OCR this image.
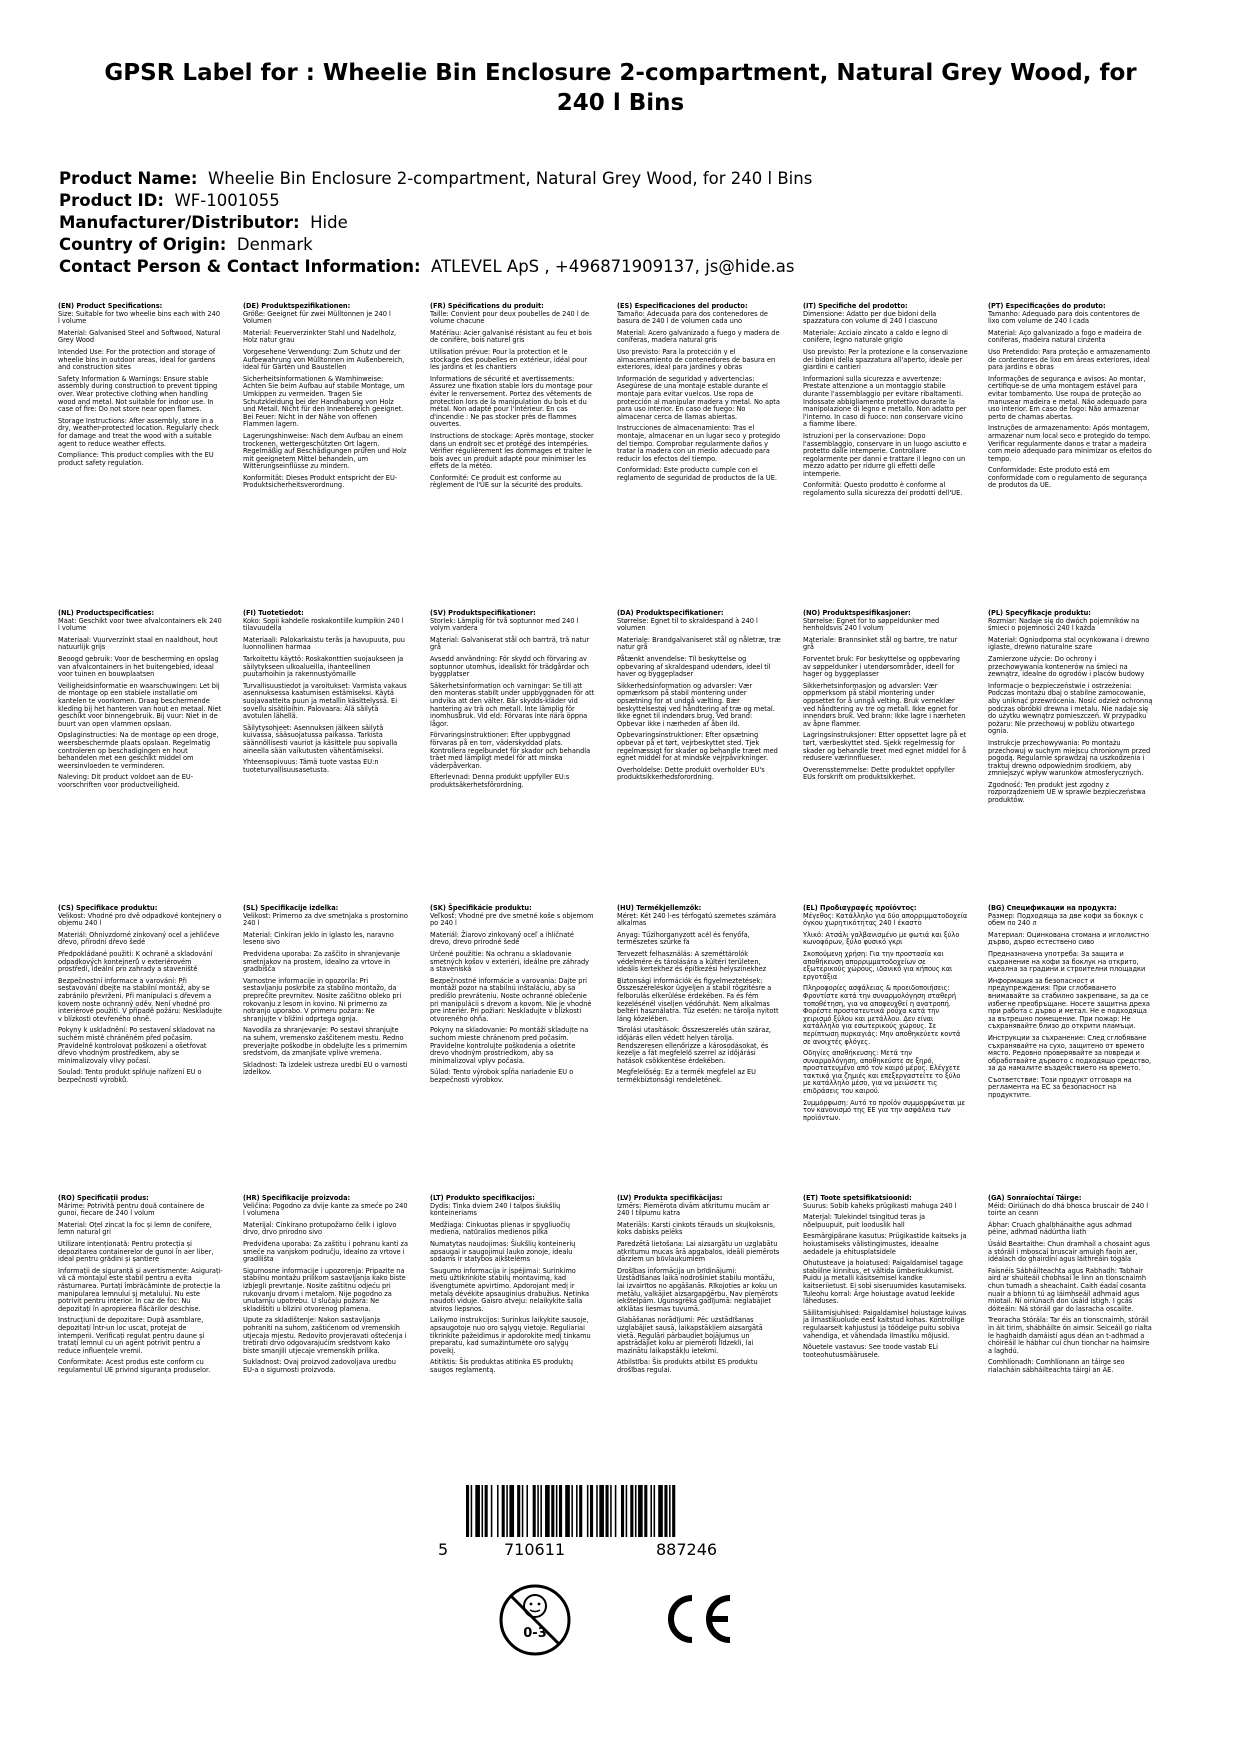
GPSR Label for : Wheelie Bin Enclosure 2-compartment, Natural Grey Wood, for 240 l Bins
Product Name: Wheelie Bin Enclosure 2-compartment, Natural Grey Wood, for 240 l Bins
Product ID: WF-1001055
Manufacturer/Distributor: Hide
Country of Origin: Denmark
Contact Person & Contact Information: ATLEVEL ApS , +496871909137, js@hide.as
(EN) Product Specifications:

Size: Suitable for two wheelie bins each with 240 l volume

Material: Galvanised Steel and Softwood, Natural Grey Wood

Intended Use: For the protection and storage of wheelie bins in outdoor areas, ideal for gardens and construction sites

Safety Information & Warnings: Ensure stable assembly during construction to prevent tipping over. Wear protective clothing when handling wood and metal. Not suitable for indoor use. In case of fire: Do not store near open flames.

Storage Instructions: After assembly, store in a dry, weather-protected location. Regularly check for damage and treat the wood with a suitable agent to reduce weather effects.

Compliance: This product complies with the EU product safety regulation.

(DE) Produktspezifikationen:

Größe: Geeignet für zwei Mülltonnen je 240 l Volumen

Material: Feuerverzinkter Stahl und Nadelholz, Holz natur grau

Vorgesehene Verwendung: Zum Schutz und der Aufbewahrung von Mülltonnen im Außenbereich, ideal für Gärten und Baustellen

Sicherheitsinformationen & Warnhinweise: Achten Sie beim Aufbau auf stabile Montage, um Umkippen zu vermeiden. Tragen Sie Schutzkleidung bei der Handhabung von Holz und Metall. Nicht für den Innenbereich geeignet. Bei Feuer: Nicht in der Nähe von offenen Flammen lagern.

Lagerungshinweise: Nach dem Aufbau an einem trockenen, wettergeschützten Ort lagern. Regelmäßig auf Beschädigungen prüfen und Holz mit geeignetem Mittel behandeln, um Witterungseinflüsse zu mindern.

Konformität: Dieses Produkt entspricht der EU-Produktsicherheitsverordnung.

(FR) Spécifications du produit:

Taille: Convient pour deux poubelles de 240 l de volume chacune

Matériau: Acier galvanisé résistant au feu et bois de conifère, bois naturel gris

Utilisation prévue: Pour la protection et le stockage des poubelles en extérieur, idéal pour les jardins et les chantiers

Informations de sécurité et avertissements: Assurez une fixation stable lors du montage pour éviter le renversement. Portez des vêtements de protection lors de la manipulation du bois et du métal. Non adapté pour l'intérieur. En cas d'incendie : Ne pas stocker près de flammes ouvertes.

Instructions de stockage: Après montage, stocker dans un endroit sec et protégé des intempéries. Vérifier régulièrement les dommages et traiter le bois avec un produit adapté pour minimiser les effets de la météo.

Conformité: Ce produit est conforme au règlement de l'UE sur la sécurité des produits.

(ES) Especificaciones del producto:

Tamaño: Adecuada para dos contenedores de basura de 240 l de volumen cada uno

Material: Acero galvanizado a fuego y madera de coníferas, madera natural gris

Uso previsto: Para la protección y el almacenamiento de contenedores de basura en exteriores, ideal para jardines y obras

Información de seguridad y advertencias: Asegúrese de una montaje estable durante el montaje para evitar vuelcos. Use ropa de protección al manipular madera y metal. No apta para uso interior. En caso de fuego: No almacenar cerca de llamas abiertas.

Instrucciones de almacenamiento: Tras el montaje, almacenar en un lugar seco y protegido del tiempo. Comprobar regularmente daños y tratar la madera con un medio adecuado para reducir los efectos del tiempo.

Conformidad: Este producto cumple con el reglamento de seguridad de productos de la UE.

(IT) Specifiche del prodotto:

Dimensione: Adatto per due bidoni della spazzatura con volume di 240 l ciascuno

Materiale: Acciaio zincato a caldo e legno di conifere, legno naturale grigio

Uso previsto: Per la protezione e la conservazione dei bidoni della spazzatura all'aperto, ideale per giardini e cantieri

Informazioni sulla sicurezza e avvertenze: Prestate attenzione a un montaggio stabile durante l'assemblaggio per evitare ribaltamenti. Indossate abbigliamento protettivo durante la manipolazione di legno e metallo. Non adatto per l'interno. In caso di fuoco: non conservare vicino a fiamme libere.

Istruzioni per la conservazione: Dopo l'assemblaggio, conservare in un luogo asciutto e protetto dalle intemperie. Controllare regolarmente per danni e trattare il legno con un mezzo adatto per ridurre gli effetti delle intemperie.

Conformità: Questo prodotto è conforme al regolamento sulla sicurezza dei prodotti dell'UE.

(PT) Especificações do produto:

Tamanho: Adequado para dois contentores de lixo com volume de 240 l cada

Material: Aço galvanizado a fogo e madeira de coníferas, madeira natural cinzenta

Uso Pretendido: Para proteção e armazenamento de contentores de lixo em áreas exteriores, ideal para jardins e obras

Informações de segurança e avisos: Ao montar, certifique-se de uma montagem estável para evitar tombamento. Use roupa de proteção ao manusear madeira e metal. Não adequado para uso interior. Em caso de fogo: Não armazenar perto de chamas abertas.

Instruções de armazenamento: Após montagem, armazenar num local seco e protegido do tempo. Verificar regularmente danos e tratar a madeira com meio adequado para minimizar os efeitos do tempo.

Conformidade: Este produto está em conformidade com o regulamento de segurança de produtos da UE.

(NL) Productspecificaties:

Maat: Geschikt voor twee afvalcontainers elk 240 l volume

Materiaal: Vuurverzinkt staal en naaldhout, hout natuurlijk grijs

Beoogd gebruik: Voor de bescherming en opslag van afvalcontainers in het buitengebied, ideaal voor tuinen en bouwplaatsen

Veiligheidsinformatie en waarschuwingen: Let bij de montage op een stabiele installatie om kantelen te voorkomen. Draag beschermende kleding bij het hanteren van hout en metaal. Niet geschikt voor binnengebruik. Bij vuur: Niet in de buurt van open vlammen opslaan.

Opslaginstructies: Na de montage op een droge, weersbeschermde plaats opslaan. Regelmatig controleren op beschadigingen en hout behandelen met een geschikt middel om weersinvloeden te verminderen.

Naleving: Dit product voldoet aan de EU-voorschriften voor productveiligheid.

(FI) Tuotetiedot:

Koko: Sopii kahdelle roskakontille kumpikin 240 l tilavuudella

Materiaali: Palokarkaistu teräs ja havupuuta, puu luonnollinen harmaa

Tarkoitettu käyttö: Roskakonttien suojaukseen ja säilytykseen ulkoalueilla, ihanteellinen puutarhoihin ja rakennustyömaille

Turvallisuustiedot ja varoitukset: Varmista vakaus asennuksessa kaatumisen estämiseksi. Käytä suojavaatteita puun ja metallin käsittelyssä. Ei sovellu sisätiloihin. Palovaara: Älä säilytä avotulen lähellä.

Säilytysohjeet: Asennuksen jälkeen säilytä kuivassa, sääsuojatussa paikassa. Tarkista säännöllisesti vauriot ja käsittele puu sopivalla aineella sään vaikutusten vähentämiseksi.

Yhteensopivuus: Tämä tuote vastaa EU:n tuoteturvallisuusasetusta.

(SV) Produktspecifikationer:

Storlek: Lämplig för två soptunnor med 240 l volym vardera

Material: Galvaniserat stål och barrträ, trä natur grå

Avsedd användning: För skydd och förvaring av soptunnor utomhus, idealiskt för trädgårdar och byggplatser

Säkerhetsinformation och varningar: Se till att den monteras stabilt under uppbyggnaden för att undvika att den välter. Bär skydds-kläder vid hantering av trä och metall. Inte lämplig för inomhusbruk. Vid eld: Förvaras inte nära öppna lågor.

Förvaringsinstruktioner: Efter uppbyggnad förvaras på en torr, väderskyddad plats. Kontrollera regelbundet för skador och behandla träet med lämpligt medel för att minska väderpåverkan.

Efterlevnad: Denna produkt uppfyller EU:s produktsäkerhetsförordning.

(DA) Produktspecifikationer:

Størrelse: Egnet til to skraldespand à 240 l volumen

Materiale: Brandgalvaniseret stål og nåletræ, træ natur grå

Påtænkt anvendelse: Til beskyttelse og opbevaring af skraldespand udendørs, ideel til haver og byggepladser

Sikkerhedsinformation og advarsler: Vær opmærksom på stabil montering under opsætning for at undgå vælting. Bær beskyttelsestøj ved håndtering af træ og metal. Ikke egnet til indendørs brug. Ved brand: Opbevar ikke i nærheden af åben ild.

Opbevaringsinstruktioner: Efter opsætning opbevar på et tørt, vejrbeskyttet sted. Tjek regelmæssigt for skader og behandle træet med egnet middel for at mindske vejrpåvirkninger.

Overholdelse: Dette produkt overholder EU's produktsikkerhedsforordning.

(NO) Produktspesifikasjoner:

Størrelse: Egnet for to søppeldunker med henholdsvis 240 l volum

Materiale: Brannsinket stål og bartre, tre natur grå

Forventet bruk: For beskyttelse og oppbevaring av søppeldunker i utendørsområder, ideell for hager og byggeplasser

Sikkerhetsinformasjon og advarsler: Vær oppmerksom på stabil montering under oppsettet for å unngå velting. Bruk verneklær ved håndtering av tre og metall. Ikke egnet for innendørs bruk. Ved brann: Ikke lagre i nærheten av åpne flammer.

Lagringsinstruksjoner: Etter oppsettet lagre på et tørt, værbeskyttet sted. Sjekk regelmessig for skader og behandle treet med egnet middel for å redusere værinnflueser.

Overensstemmelse: Dette produktet oppfyller EUs forskrift om produktsikkerhet.

(PL) Specyfikacje produktu:

Rozmiar: Nadaje się do dwóch pojemników na śmieci o pojemności 240 l każda

Materiał: Ogniodporna stal ocynkowana i drewno iglaste, drewno naturalne szare

Zamierzone użycie: Do ochrony i przechowywania kontenerów na śmieci na zewnątrz, idealne do ogrodów i placów budowy

Informacje o bezpieczeństwie i ostrzeżenia: Podczas montażu dbaj o stabilne zamocowanie, aby uniknąć przewrócenia. Nosić odzież ochronną podczas obróbki drewna i metalu. Nie nadaje się do użytku wewnątrz pomieszczeń. W przypadku pożaru: Nie przechowuj w pobliżu otwartego ognia.

Instrukcje przechowywania: Po montażu przechowuj w suchym miejscu chronionym przed pogodą. Regularnie sprawdzaj na uszkodzenia i traktuj drewno odpowiednim środkiem, aby zmniejszyć wpływ warunków atmosferycznych.

Zgodność: Ten produkt jest zgodny z rozporządzeniem UE w sprawie bezpieczeństwa produktów.

(CS) Specifikace produktu:

Velikost: Vhodné pro dvě odpadkové kontejnery o objemu 240 l

Materiál: Ohnivzdorné zinkovaný ocel a jehličeve dřevo, přírodní dřevo šedé

Předpokládané použití: K ochraně a skladování odpadkových kontejnerů v exteriérovém prostředí, ideální pro zahrady a staveniště

Bezpečnostní informace a varování: Při sestavování dbejte na stabilní montáž, aby se zabránilo převrženi. Při manipulaci s dřevem a kovem noste ochranný oděv. Není vhodné pro interiérové použití. V případě požáru: Neskladujte v blízkosti otevřeného ohně.

Pokyny k uskladnění: Po sestavení skladovat na suchém místě chráněném před počasím. Pravidelně kontrolovat poškození a ošetřovat dřevo vhodným prostředkem, aby se minimalizovaly vlivy počasí.

Soulad: Tento produkt splňuje nařízení EU o bezpečnosti výrobků.

(SL) Specifikacije izdelka:

Velikost: Primerno za dve smetnjaka s prostornino 240 l

Material: Cinkiran jeklo in iglasto les, naravno leseno sivo

Predvidena uporaba: Za zaščito in shranjevanje smetnjakov na prostem, idealno za vrtove in gradbišča

Varnostne informacije in opozorila: Pri sestavljanju poskrbite za stabilno montažo, da preprečite prevrnitev. Nosite zaščitno obleko pri rokovanju z lesom in kovino. Ni primerno za notranjo uporabo. V primeru požara: Ne shranjujte v bližini odprtega ognja.

Navodila za shranjevanje: Po sestavi shranjujte na suhem, vremensko zaščitenem mestu. Redno preverjajte poškodbe in obdelujte les s primernim sredstvom, da zmanjšate vplive vremena.

Skladnost: Ta izdelek ustreza uredbi EU o varnosti izdelkov.

(SK) Špecifikácie produktu:

Veľkosť: Vhodné pre dve smetné koše s objemom po 240 l

Materiál: Žiarovo zinkovaný oceľ a ihličnaté drevo, drevo prírodné šedé

Určené použitie: Na ochranu a skladovanie smetných košov v exteriéri, ideálne pre záhrady a staveniská

Bezpečnostné informácie a varovania: Dajte pri montáži pozor na stabilnú inštaláciu, aby sa predišlo prevráteniu. Noste ochranné oblečenie pri manipulácii s drevom a kovom. Nie je vhodné pre interiér. Pri požiari: Neskladujte v blízkosti otvoreného ohňa.

Pokyny na skladovanie: Po montáži skladujte na suchom mieste chránenom pred počasím. Pravidelne kontrolujte poškodenia a ošetrite drevo vhodným prostriedkom, aby sa minimalizoval vplyv počasia.

Súlad: Tento výrobok spĺňa nariadenie EU o bezpečnosti výrobkov.

(HU) Termékjellemzők:

Méret: Két 240 l-es térfogatú szemetes számára alkalmas

Anyag: Tűzihorganyzott acél és fenyőfa, természetes szürke fa

Tervezett felhasználás: A szeméttárolók védelmére és tárolására a kültéri területen, ideális kertekhez és építkezési helyszínekhez

Biztonsági információk és figyelmeztetések: Összeszereléskor ügyeljen a stabil rögzítésre a felborulás elkerülése érdekében. Fa és fém kezelésénél viseljen védőruhát. Nem alkalmas beltéri használatra. Tűz esetén: ne tárolja nyitott láng közelében.

Tárolási utasítások: Összeszerelés után száraz, időjárás ellen védett helyen tárolja. Rendszeresen ellenőrizze a károsodásokat, és kezelje a fát megfelelő szerrel az időjárási hatások csökkentése érdekében.

Megfelelőség: Ez a termék megfelel az EU termékbiztonsági rendeletének.

(EL) Προδιαγραφές προϊόντος:

Μέγεθος: Κατάλληλο για δύο απορριμματοδοχεία όγκου χωρητικότητας 240 l έκαστο

Υλικό: Ατσάλι γαλβανισμένο με φωτιά και ξύλο κωνοφόρων, ξύλο φυσικό γκρι

Σκοπούμενη χρήση: Για την προστασία και αποθήκευση απορριμματοδοχείων σε εξωτερικούς χώρους, ιδανικό για κήπους και εργοτάξια

Πληροφορίες ασφάλειας & προειδοποιήσεις: Φροντίστε κατά την συναρμολόγηση σταθερή τοποθέτηση, για να αποφευχθεί η ανατροπή. Φορέστε προστατευτικά ρούχα κατά την χειρισμό ξύλου και μετάλλου. Δεν είναι κατάλληλο για εσωτερικούς χώρους. Σε περίπτωση πυρκαγιάς: Μην αποθηκεύετε κοντά σε ανοιχτές φλόγες.

Οδηγίες αποθήκευσης: Μετά την συναρμολόγηση, αποθηκεύστε σε ξηρό, προστατευμένο από τον καιρό μέρος. Ελέγχετε τακτικά για ζημιές και επεξεργαστείτε το ξύλο με κατάλληλο μέσο, για να μειώσετε τις επιδράσεις του καιρού.

Συμμόρφωση: Αυτό το προϊόν συμμορφώνεται με τον κανονισμό της ΕΕ για την ασφάλεια των προϊόντων.

(BG) Спецификации на продукта:

Размер: Подходяща за две кофи за боклук с обем по 240 л

Материал: Оцинкована стомана и иглолистно дърво, дърво естествено сиво

Предназначена употреба: За защита и съхранение на кофи за боклук на открито, идеална за градини и строителни площадки

Информация за безопасност и предупреждения: При сглобяването внимавайте за стабилно закрепване, за да се избегне преобръщане. Носете защитна дреха при работа с дърво и метал. Не е подходяща за вътрешно помещение. При пожар: Не съхранявайте близо до открити пламъци.

Инструкции за съхранение: След сглобяване съхранявайте на сухо, защитено от времето място. Редовно проверявайте за повреди и обработвайте дървото с подходящо средство, за да намалите въздействието на времето.

Съответствие: Този продукт отговаря на регламента на ЕС за безопасност на продуктите.

(RO) Specificații produs:

Mărime: Potrivită pentru două containere de gunoi, fiecare de 240 l volum

Material: Oțel zincat la foc și lemn de conifere, lemn natural gri

Utilizare intenționată: Pentru protecția și depozitarea containerelor de gunoi în aer liber, ideal pentru grădini și șantiere

Informații de siguranță și avertismente: Asigurați-vă că montajul este stabil pentru a evita răsturnarea. Purtați îmbrăcăminte de protecție la manipularea lemnului și metalului. Nu este potrivit pentru interior. În caz de foc: Nu depozitați în apropierea flăcărilor deschise.

Instrucțiuni de depozitare: După asamblare, depozitați într-un loc uscat, protejat de intemperii. Verificați regulat pentru daune și tratați lemnul cu un agent potrivit pentru a reduce influențele vremii.

Conformitate: Acest produs este conform cu regulamentul UE privind siguranța produselor.

(HR) Specifikacije proizvoda:

Veličina: Pogodno za dvije kante za smeće po 240 l volumena

Materijal: Cinkirano protupožarno čelik i iglovo drvo, drvo prirodno sivo

Predviđena uporaba: Za zaštitu i pohranu kanti za smeće na vanjskom području, idealno za vrtove i gradilišta

Sigurnosne informacije i upozorenja: Pripazite na stabilnu montažu prilikom sastavljanja kako biste izbjegli prevrtanje. Nosite zaštitnu odjeću pri rukovanju drvom i metalom. Nije pogodno za unutarnju upotrebu. U slučaju požara: Ne skladištiti u blizini otvorenog plamena.

Upute za skladištenje: Nakon sastavljanja pohraniti na suhom, zaštićenom od vremenskih utjecaja mjestu. Redovito provjeravati oštećenja i tretirati drvo odgovarajućim sredstvom kako biste smanjili utjecaje vremenskih prilika.

Sukladnost: Ovaj proizvod zadovoljava uredbu EU-a o sigurnosti proizvoda.

(LT) Produkto specifikacijos:

Dydis: Tinka dviem 240 l talpos šiukšlių konteineriams

Medžiaga: Cinkuotas plienas ir spygliuočių mediena, natūralios medienos pilka

Numatytas naudojimas: Šiukšlių konteinerių apsaugai ir saugojimui lauko zonoje, idealu sodams ir statybos aikštelėms

Saugumo informacija ir įspėjimai: Surinkimo metu užtikrinkite stabilų montavimą, kad išvengtumėte apvirtimo. Apdorojant medį ir metalą dėvėkite apsauginius drabužius. Netinka naudoti viduje. Gaisro atveju: nelaikykite šalia atviros liepsnos.

Laikymo instrukcijos: Surinkus laikykite sausoje, apsaugotoje nuo oro sąlygų vietoje. Reguliariai tikrinkite pažeidimus ir apdorokite medį tinkamu preparatu, kad sumažintumėte oro sąlygų poveikį.

Atitiktis: Šis produktas atitinka ES produktų saugos reglamentą.

(LV) Produkta specifikācijas:

Izmērs: Piemērota divām atkritumu mucām ar 240 l tilpumu katra

Materiāls: Karsti cinkots tērauds un skujkoksnis, koks dabisks pelēks

Paredzētā lietošana: Lai aizsargātu un uzglabātu atkritumu mucas ārā apgabalos, ideāli piemērots dārziem un būvlaukumiem

Drošības informācija un brīdinājumi: Uzstādīšanas laikā nodrošiniet stabilu montāžu, lai izvairītos no apgāšanās. Rīkojoties ar koku un metālu, valkājiet aizsargapģērbu. Nav piemērots iekštelpām. Ugunsgrēka gadījumā: neglabājiet atklātas liesmas tuvumā.

Glabāšanas norādījumi: Pēc uzstādīšanas uzglabājiet sausā, laikapstākļiem aizsargātā vietā. Regulāri pārbaudiet bojājumus un apstrādājiet koku ar piemēroti līdzekli, lai mazinātu laikapstākļu ietekmi.

Atbilstība: Šis produkts atbilst ES produktu drošības regulai.

(ET) Toote spetsifikatsioonid:

Suurus: Sobib kaheks prügikasti mahuga 240 l

Materjal: Tulekindel tsingitud teras ja nõelpuupuit, puit looduslik hall

Eesmärgipärane kasutus: Prügikastide kaitseks ja hoiustamiseks välistingimustes, ideaalne aedadele ja ehitusplatsidele

Ohutusteave ja hoiatused: Paigaldamisel tagage stabiilne kinnitus, et vältida ümberkukkumist. Puidu ja metalli käsitsemisel kandke kaitseriietust. Ei sobi siseruumides kasutamiseks. Tuleohu korral: Ärge hoiustage avatud leekide läheduses.

Säilitamisjuhised: Paigaldamisel hoiustage kuivas ja ilmastikuolude eest kaitstud kohas. Kontrollige regulaarselt kahjustusi ja töödelge puitu sobiva vahendiga, et vähendada ilmastiku mõjusid.

Nõuetele vastavus: See toode vastab ELi tooteohutusmäärusele.

(GA) Sonraíochtaí Táirge:

Méid: Oiriúnach do dhá bhosca bruscair de 240 l toirte an ceann

Ábhar: Cruach ghalbhánaithe agus adhmad péine, adhmad nádúrtha liath

Úsáid Beartaithe: Chun dramhaíl a chosaint agus a stóráil i mboscaí bruscair amuigh faoin aer, idéalach do ghairdíní agus láithreáin tógála

Faisnéis Sábháilteachta agus Rabhadh: Tabhair aird ar shuiteáil chobhsaí le linn an tionscnaimh chun tumadh a sheachaint. Caith éadaí cosanta nuair a bhíonn tú ag láimhseáil adhmaid agus miotail. Ní oiriúnach don úsáid istigh. I gcás dóiteáin: Ná stóráil gar do lasracha oscailte.

Treoracha Stórála: Tar éis an tionscnaimh, stóráil in áit tirim, shábháilte ón aimsir. Seiceáil go rialta le haghaidh damáistí agus déan an t-adhmad a chóireáil le hábhar cuí chun tionchar na haimsire a laghdú.

Comhlíonadh: Comhlíonann an táirge seo rialacháin sábháilteachta táirgí an AE.

5	710611	887246
0-3
